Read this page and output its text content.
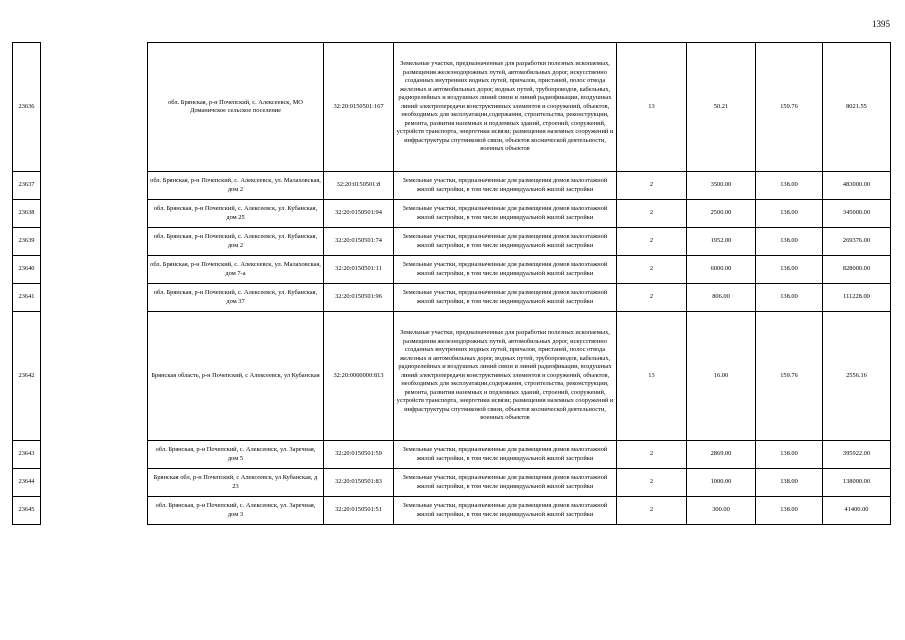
1395
23636		обл. Брянская, р-н Почепский, с. Алексеевск, МО Доманичское сельское поселение	32:20:0150501:167	Земельные участки, предназначенные для разработки полезных ископаемых, размещения железнодорожных путей, автомобильных дорог, искусственно созданных внутренних водных путей, причалов, пристаней, полос отвода железных и автомобильных дорог, водных путей, трубопроводов, кабельных, радиорелейных и воздушных линий связи и линий радиофикации, воздушных линий электропередачи конструктивных элементов и сооружений, объектов, необходимых для эксплуатации,содержания, строительства, реконструкции, ремонта, развития наземных и подземных зданий, строений, сооружений, устройств транспорта, энергетики исвязи; размещения наземных сооружений и инфраструктуры спутниковой связи, объектов космической деятельности, военных объектов	13	50.21	159.76	8021.55
23637		обл. Брянская, р-н Почепский, с. Алексеевск, ул. Малаховская, дом 2	32:20:0150501:8	Земельные участки, предназначенные для размещения домов малоэтажной жилой застройки, в том числе индивидуальной жилой застройки	2	3500.00	138.00	483000.00
23638		обл. Брянская, р-н Почепский, с. Алексеевск, ул. Кубанская, дом 25	32:20:0150501:94	Земельные участки, предназначенные для размещения домов малоэтажной жилой застройки, в том числе индивидуальной жилой застройки	2	2500.00	138.00	345000.00
23639		обл. Брянская, р-н Почепский, с. Алексеевск, ул. Кубанская, дом 2	32:20:0150501:74	Земельные участки, предназначенные для размещения домов малоэтажной жилой застройки, в том числе индивидуальной жилой застройки	2	1952.00	138.00	269376.00
23640		обл. Брянская, р-н Почепский, с. Алексеевск, ул. Малаховская, дом 7-а	32:20:0150501:11	Земельные участки, предназначенные для размещения домов малоэтажной жилой застройки, в том числе индивидуальной жилой застройки	2	6000.00	138.00	828000.00
23641		обл. Брянская, р-н Почепский, с. Алексеевск, ул. Кубанская, дом 37	32:20:0150501:96	Земельные участки, предназначенные для размещения домов малоэтажной жилой застройки, в том числе индивидуальной жилой застройки	2	806.00	138.00	111228.00
23642		Брянская область, р-н Почепский, с Алексеевск, ул Кубанская	32:20:0000000:813	Земельные участки, предназначенные для разработки полезных ископаемых, размещения железнодорожных путей, автомобильных дорог, искусственно созданных внутренних водных путей, причалов, пристаней, полос отвода железных и автомобильных дорог, водных путей, трубопроводов, кабельных, радиорелейных и воздушных линий связи и линий радиофикации, воздушных линий электропередачи конструктивных элементов и сооружений, объектов, необходимых для эксплуатации,содержания, строительства, реконструкции, ремонта, развития наземных и подземных зданий, строений, сооружений, устройств транспорта, энергетики исвязи; размещения наземных сооружений и инфраструктуры спутниковой связи, объектов космической деятельности, военных объектов	13	16.00	159.76	2556.16
23643		обл. Брянская, р-н Почепский, с. Алексеевск, ул. Заречная, дом 5	32:20:0150501:59	Земельные участки, предназначенные для размещения домов малоэтажной жилой застройки, в том числе индивидуальной жилой застройки	2	2869.00	138.00	395922.00
23644		Брянская обл, р-н Почепский, с Алексеевск, ул Кубанская, д 23	32:20:0150501:83	Земельные участки, предназначенные для размещения домов малоэтажной жилой застройки, в том числе индивидуальной жилой застройки	2	1000.00	138.00	138000.00
23645		обл. Брянская, р-н Почепский, с. Алексеевск, ул. Заречная, дом 3	32:20:0150501:51	Земельные участки, предназначенные для размещения домов малоэтажной жилой застройки, в том числе индивидуальной жилой застройки	2	300.00	138.00	41400.00
